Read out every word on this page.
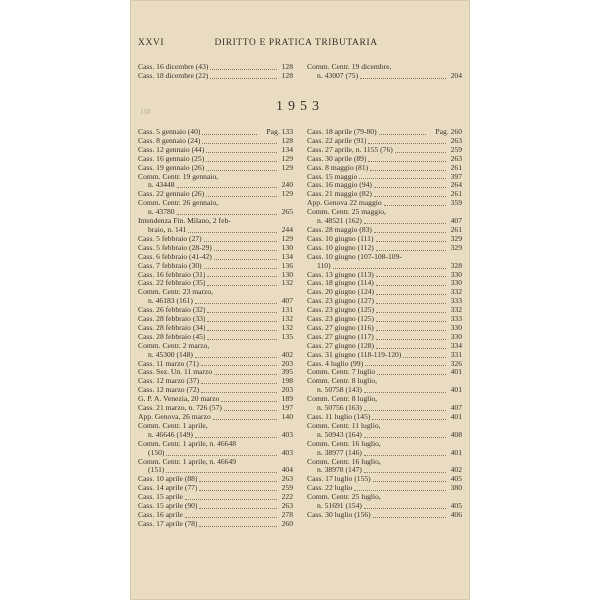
XXVI	DIRITTO E PRATICA TRIBUTARIA
Cass. 16 dicembre (43)	128
Cass. 18 dicembre (22)	128
Comm. Centr. 19 dicembre,
n. 43007 (75)	204
1953
150
Cass. 5 gennaio (40)	Pag. 133
Cass. 8 gennaio (24)	128
Cass. 12 gennaio (44)	134
Cass. 16 gennaio (25)	129
Cass. 19 gennaio (26)	129
Comm. Centr. 19 gennaio,
n. 43448	240
Cass. 22 gennaio (26)	129
Comm. Centr. 26 gennaio,
n. 43780	265
Intendenza Fin. Milano, 2 feb-
braio, n. 141	244
Cass. 5 febbraio (27)	129
Cass. 5 febbraio (28-29)	130
Cass. 6 febbraio (41-42)	134
Cass. 7 febbraio (30)	136
Cass. 16 febbraio (31)	130
Cass. 22 febbraio (35)	132
Comm. Centr. 23 marzo,
n. 46183 (161)	407
Cass. 26 febbraio (32)	131
Cass. 28 febbraio (33)	132
Cass. 28 febbraio (34)	132
Cass. 28 febbraio (45)	135
Comm. Centr. 2 marzo,
n. 45300 (148)	402
Cass. 11 marzo (71)	203
Cass. Sez. Un. 11 marzo	395
Cass. 12 marzo (37)	198
Cass. 12 marzo (72)	203
G. P. A. Venezia, 20 marzo	189
Cass. 21 marzo, n. 726 (57)	197
App. Genova, 26 marzo	140
Comm. Centr. 1 aprile,
n. 46646 (149)	403
Comm. Centr. 1 aprile, n. 46648
(150)	403
Comm. Centr. 1 aprile, n. 46649
(151)	404
Cass. 10 aprile (88)	263
Cass. 14 aprile (77)	259
Cass. 15 aprile	222
Cass. 15 aprile (90)	263
Cass. 16 aprile	278
Cass. 17 aprile (78)	260
Cass. 18 aprile (79-80)	Pag. 260
Cass. 22 aprile (91)	263
Cass. 27 aprile, n. 1155 (76)	259
Cass. 30 aprile (89)	263
Cass. 8 maggio (81)	261
Cass. 15 maggio	397
Cass. 16 maggio (94)	264
Cass. 21 maggio (82)	261
App. Genova 22 maggio	359
Comm. Centr. 25 maggio,
n. 48521 (162)	407
Cass. 28 maggio (83)	261
Cass. 10 giugno (111)	329
Cass. 10 giugno (112)	329
Cass. 10 giugno (107-108-109-
110)	328
Cass. 13 giugno (113)	330
Cass. 18 giugno (114)	330
Cass. 20 giugno (124)	332
Cass. 23 giugno (127)	333
Cass. 23 giugno (125)	332
Cass. 23 giugno (125)	333
Cass. 27 giugno (116)	330
Cass. 27 giugno (117)	330
Cass. 27 giugno (128)	334
Cass. 31 giugno (118-119-120)	331
Cass. 4 luglio (99)	326
Comm. Centr. 7 luglio	401
Comm. Centr. 8 luglio,
n. 50758 (143)	401
Comm. Centr. 8 luglio,
n. 50756 (163)	407
Cass. 11 luglio (145)	401
Comm. Centr. 11 luglio,
n. 50943 (164)	408
Comm. Centr. 16 luglio,
n. 38977 (146)	401
Comm. Centr. 16 luglio,
n. 38978 (147)	402
Cass. 17 luglio (155)	405
Cass. 22 luglio	380
Comm. Centr. 25 luglio,
n. 51691 (154)	405
Cass. 30 luglio (156)	406
